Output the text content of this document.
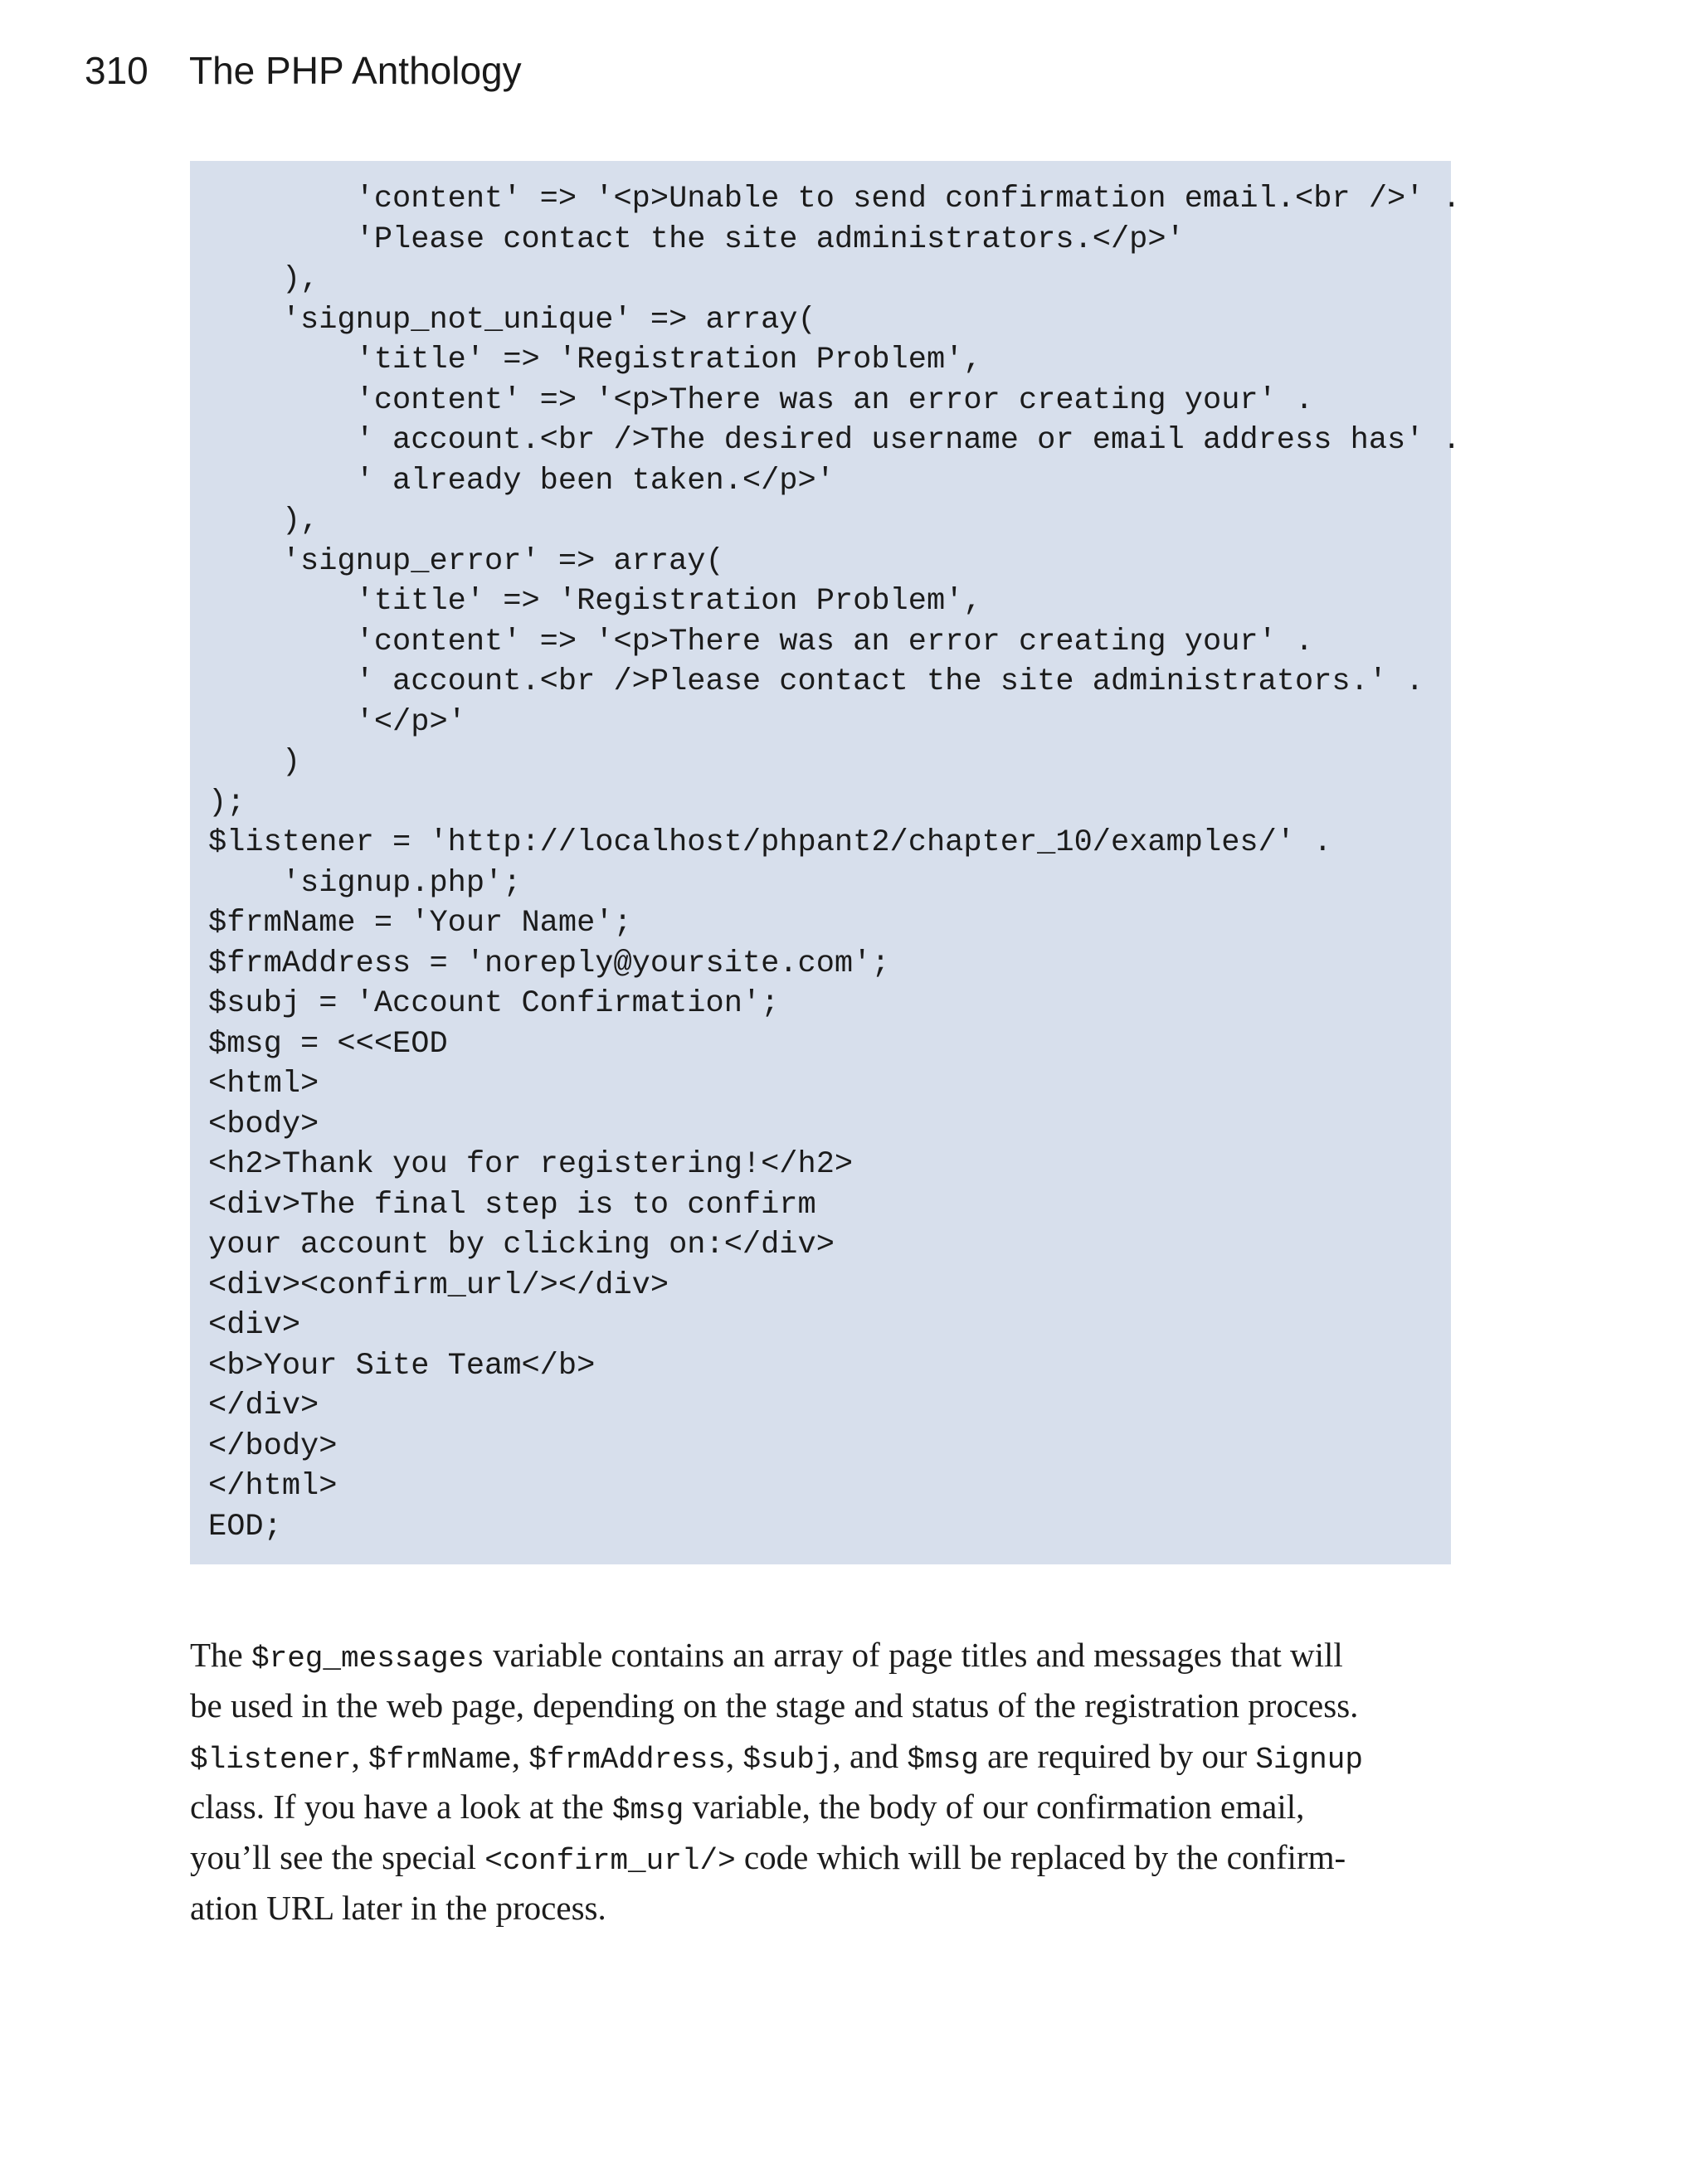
310	The PHP Anthology
'content' => '<p>Unable to send confirmation email.<br />' .
'Please contact the site administrators.</p>'
),
'signup_not_unique' => array(
'title' => 'Registration Problem',
'content' => '<p>There was an error creating your' .
' account.<br />The desired username or email address has' .
' already been taken.</p>'
),
'signup_error' => array(
'title' => 'Registration Problem',
'content' => '<p>There was an error creating your' .
' account.<br />Please contact the site administrators.' .
'</p>'
)
);
$listener = 'http://localhost/phpant2/chapter_10/examples/' .
'signup.php';
$frmName = 'Your Name';
$frmAddress = 'noreply@yoursite.com';
$subj = 'Account Confirmation';
$msg = <<<EOD
<html>
<body>
<h2>Thank you for registering!</h2>
<div>The final step is to confirm
your account by clicking on:</div>
<div><confirm_url/></div>
<div>
<b>Your Site Team</b>
</div>
</body>
</html>
EOD;
The $reg_messages variable contains an array of page titles and messages that will
be used in the web page, depending on the stage and status of the registration process.
$listener, $frmName, $frmAddress, $subj, and $msg are required by our Signup
class. If you have a look at the $msg variable, the body of our confirmation email,
you’ll see the special <confirm_url/> code which will be replaced by the confirm-
ation URL later in the process.
